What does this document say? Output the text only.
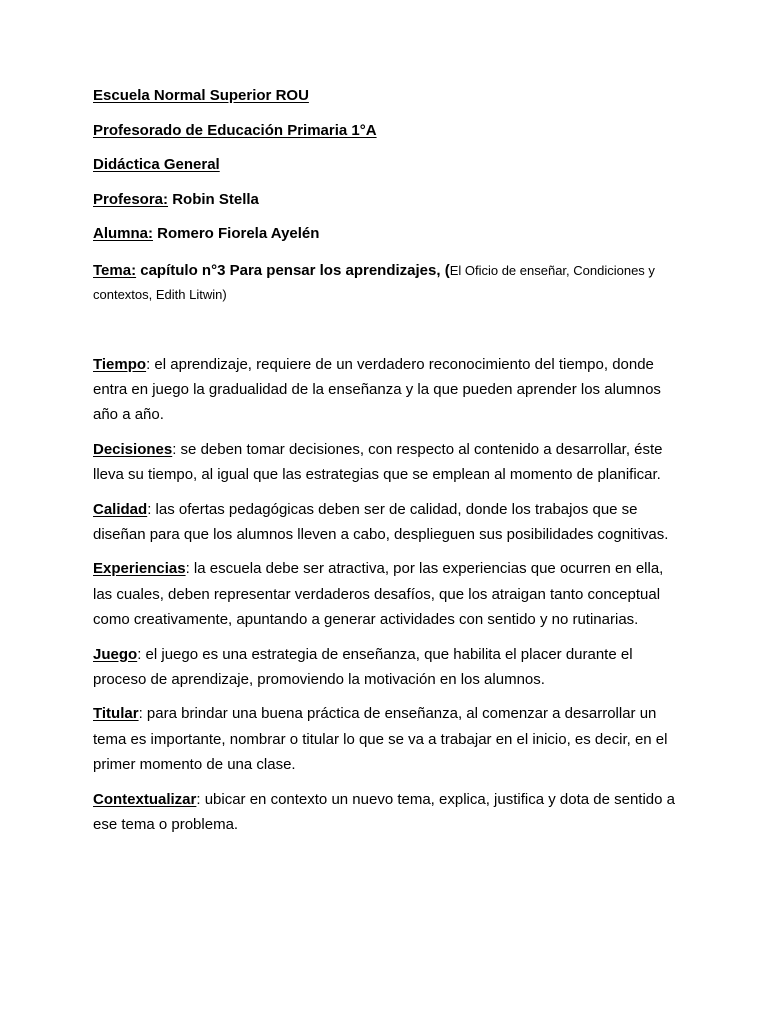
Escuela Normal Superior ROU
Profesorado de Educación Primaria 1°A
Didáctica General
Profesora: Robin Stella
Alumna: Romero Fiorela Ayelén

Tema: capítulo n°3 Para pensar los aprendizajes, (El Oficio de enseñar, Condiciones y contextos, Edith Litwin)

Tiempo: el aprendizaje, requiere de un verdadero reconocimiento del tiempo, donde entra en juego la gradualidad de la enseñanza y la que pueden aprender los alumnos año a año.

Decisiones: se deben tomar decisiones, con respecto al contenido a desarrollar, éste lleva su tiempo, al igual que las estrategias que se emplean al momento de planificar.

Calidad: las ofertas pedagógicas deben ser de calidad, donde los trabajos que se diseñan para que los alumnos lleven a cabo, desplieguen sus posibilidades cognitivas.

Experiencias: la escuela debe ser atractiva, por las experiencias que ocurren en ella, las cuales, deben representar verdaderos desafíos, que los atraigan tanto conceptual como creativamente, apuntando a generar actividades con sentido y no rutinarias.

Juego: el juego es una estrategia de enseñanza, que habilita el placer durante el proceso de aprendizaje, promoviendo la motivación en los alumnos.

Titular: para brindar una buena práctica de enseñanza, al comenzar a desarrollar un tema es importante, nombrar o titular lo que se va a trabajar en el inicio, es decir, en el primer momento de una clase.

Contextualizar: ubicar en contexto un nuevo tema, explica, justifica y dota de sentido a ese tema o problema.
